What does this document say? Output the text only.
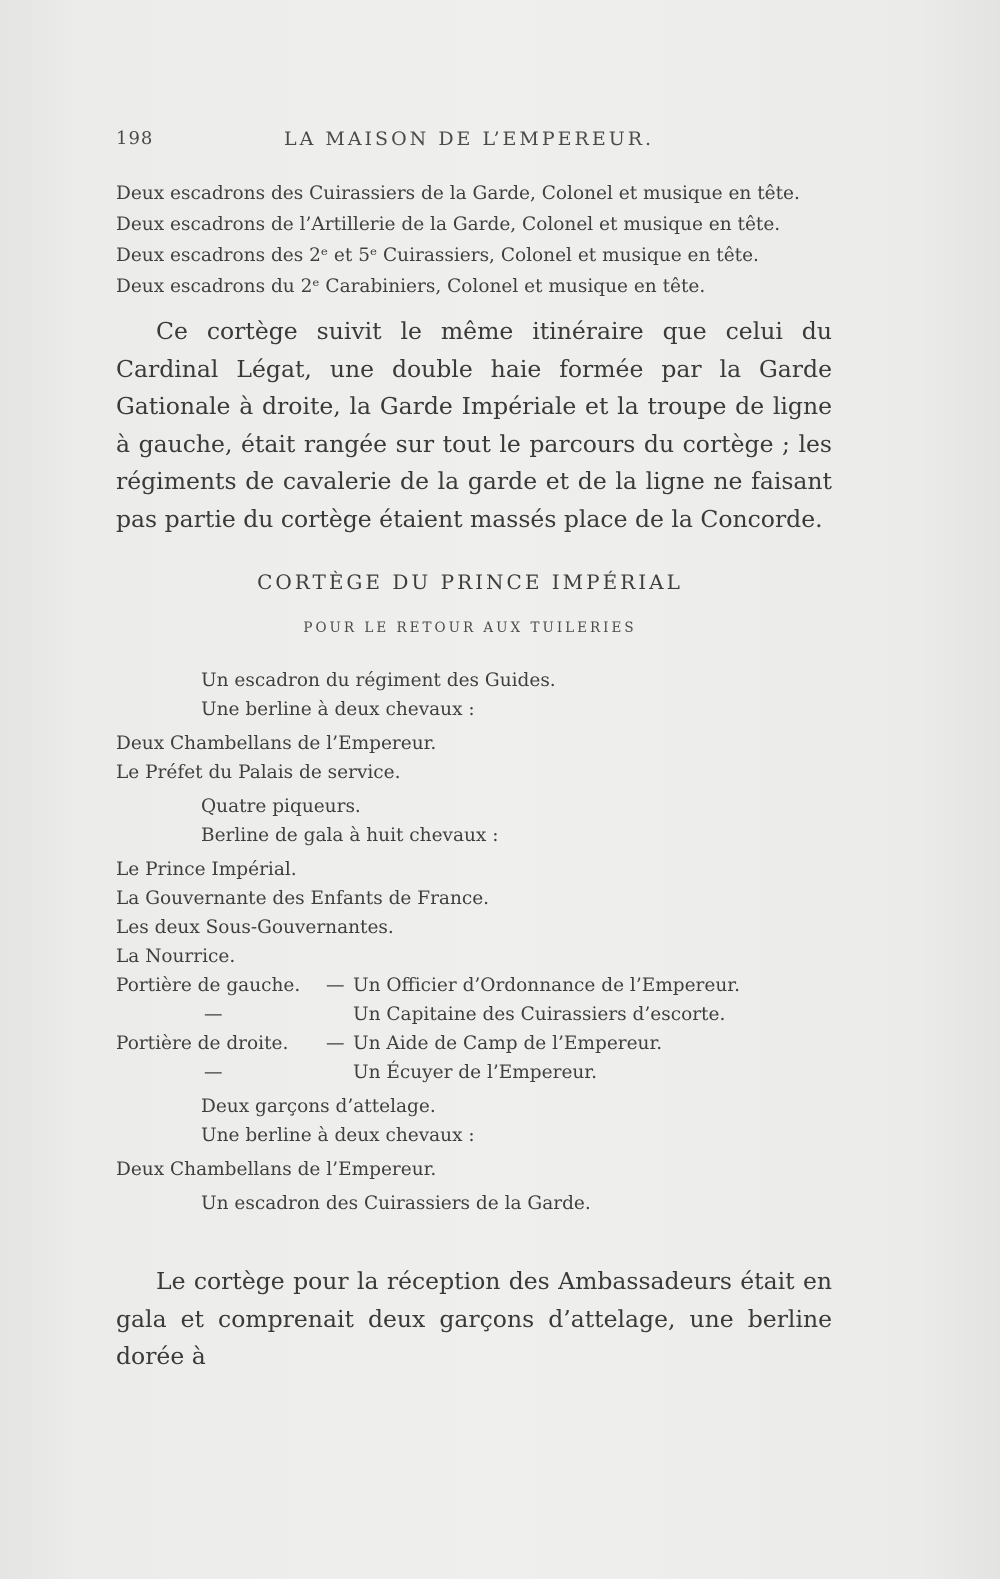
198	LA MAISON DE L’EMPEREUR.
Deux escadrons des Cuirassiers de la Garde, Colonel et musique en tête.
Deux escadrons de l’Artillerie de la Garde, Colonel et musique en tête.
Deux escadrons des 2ᵉ et 5ᵉ Cuirassiers, Colonel et musique en tête.
Deux escadrons du 2ᵉ Carabiniers, Colonel et musique en tête.
Ce cortège suivit le même itinéraire que celui du Cardinal Légat, une double haie formée par la Garde Gationale à droite, la Garde Impériale et la troupe de ligne à gauche, était rangée sur tout le parcours du cortège ; les régiments de cavalerie de la garde et de la ligne ne faisant pas partie du cortège étaient massés place de la Concorde.
CORTÈGE DU PRINCE IMPÉRIAL
POUR LE RETOUR AUX TUILERIES
Un escadron du régiment des Guides.
Une berline à deux chevaux :
Deux Chambellans de l’Empereur.
Le Préfet du Palais de service.
Quatre piqueurs.
Berline de gala à huit chevaux :
Le Prince Impérial.
La Gouvernante des Enfants de France.
Les deux Sous-Gouvernantes.
La Nourrice.
Portière de gauche. — Un Officier d’Ordonnance de l’Empereur.
—	Un Capitaine des Cuirassiers d’escorte.
Portière de droite. — Un Aide de Camp de l’Empereur.
—	Un Écuyer de l’Empereur.
Deux garçons d’attelage.
Une berline à deux chevaux :
Deux Chambellans de l’Empereur.
Un escadron des Cuirassiers de la Garde.
Le cortège pour la réception des Ambassadeurs était en gala et comprenait deux garçons d’attelage, une berline dorée à
